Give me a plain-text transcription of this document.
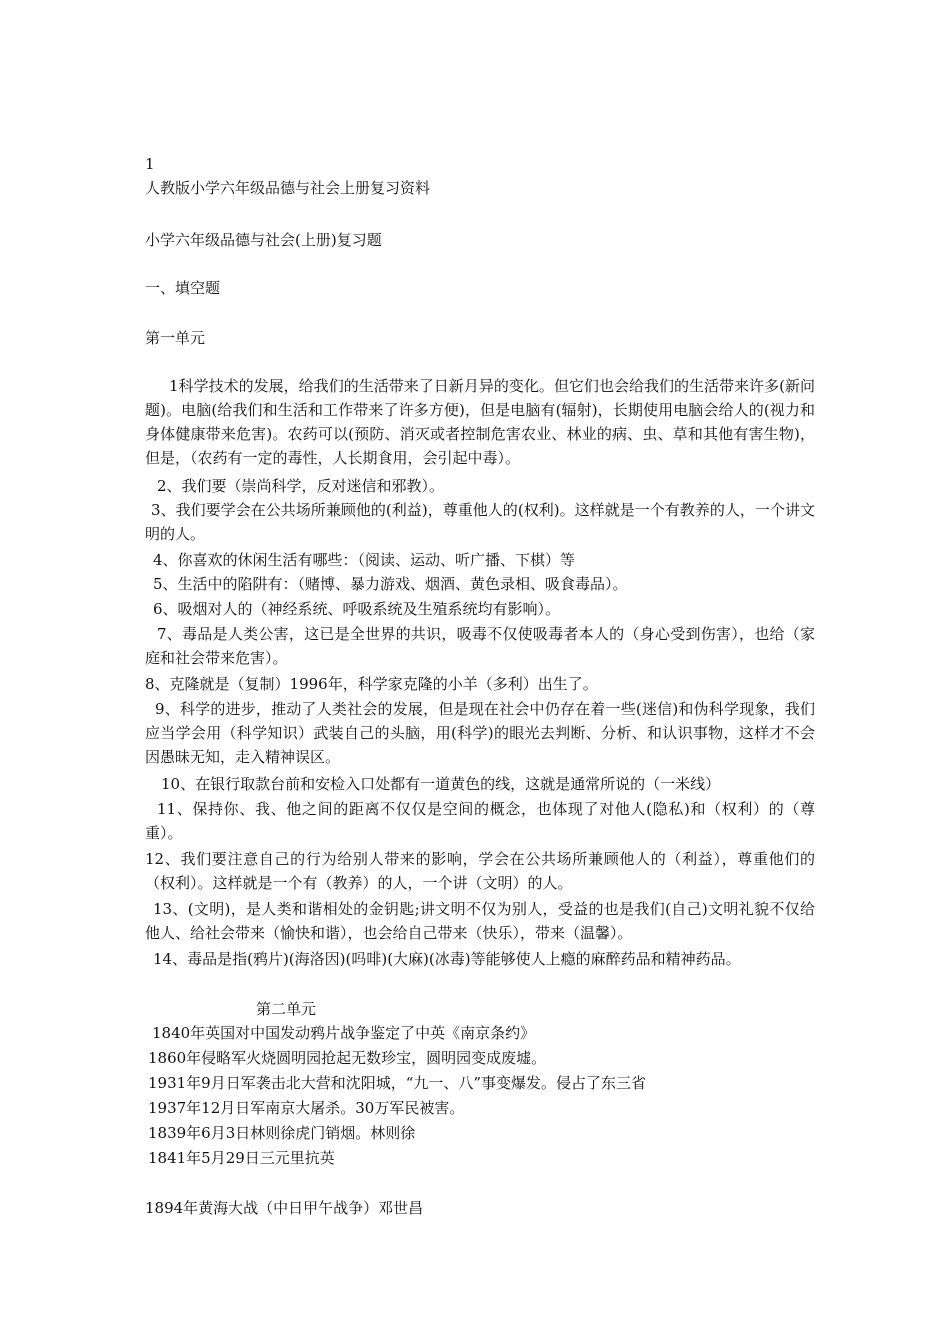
1
人教版小学六年级品德与社会上册复习资料
小学六年级品德与社会(上册)复习题
一、填空题
第一单元
1科学技术的发展，给我们的生活带来了日新月异的变化。但它们也会给我们的生活带来许多(新问题)。电脑(给我们和生活和工作带来了许多方便)，但是电脑有(辐射)，长期使用电脑会给人的(视力和身体健康带来危害)。农药可以(预防、消灭或者控制危害农业、林业的病、虫、草和其他有害生物)，但是，（农药有一定的毒性，人长期食用，会引起中毒）。
2、我们要（崇尚科学，反对迷信和邪教）。
3、我们要学会在公共场所兼顾他的(利益)，尊重他人的(权利)。这样就是一个有教养的人，一个讲文明的人。
4、你喜欢的休闲生活有哪些：（阅读、运动、听广播、下棋）等
5、生活中的陷阱有：（赌博、暴力游戏、烟酒、黄色录相、吸食毒品）。
6、吸烟对人的（神经系统、呼吸系统及生殖系统均有影响）。
7、毒品是人类公害，这已是全世界的共识，吸毒不仅使吸毒者本人的（身心受到伤害），也给（家庭和社会带来危害）。
8、克隆就是（复制）1996年，科学家克隆的小羊（多利）出生了。
9、科学的进步，推动了人类社会的发展，但是现在社会中仍存在着一些(迷信)和伪科学现象，我们应当学会用（科学知识）武装自己的头脑，用(科学)的眼光去判断、分析、和认识事物，这样才不会因愚昧无知，走入精神误区。
10、在银行取款台前和安检入口处都有一道黄色的线，这就是通常所说的（一米线）
11、保持你、我、他之间的距离不仅仅是空间的概念，也体现了对他人(隐私)和（权利）的（尊重）。
12、我们要注意自己的行为给别人带来的影响，学会在公共场所兼顾他人的（利益），尊重他们的（权利）。这样就是一个有（教养）的人，一个讲（文明）的人。
13、(文明)，是人类和谐相处的金钥匙;讲文明不仅为别人，受益的也是我们(自己)文明礼貌不仅给他人、给社会带来（愉快和谐），也会给自己带来（快乐），带来（温馨）。
14、毒品是指(鸦片)(海洛因)(吗啡)(大麻)(冰毒)等能够使人上瘾的麻醉药品和精神药品。
第二单元
1840年英国对中国发动鸦片战争鉴定了中英《南京条约》
1860年侵略军火烧圆明园抢起无数珍宝，圆明园变成废墟。
1931年9月日军袭击北大营和沈阳城，“九一、八”事变爆发。侵占了东三省
1937年12月日军南京大屠杀。30万军民被害。
1839年6月3日林则徐虎门销烟。林则徐
1841年5月29日三元里抗英
1894年黄海大战（中日甲午战争）邓世昌
